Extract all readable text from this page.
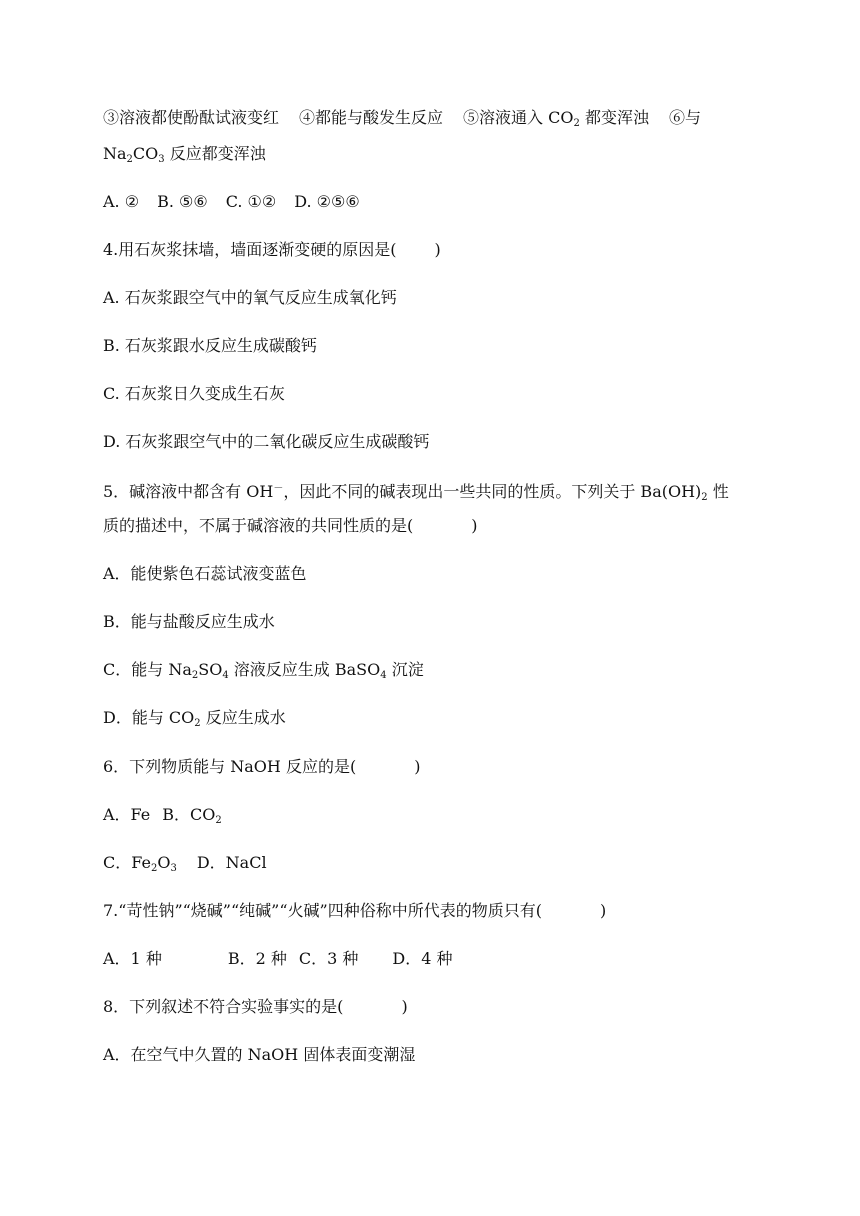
③溶液都使酚酞试液变红 ④都能与酸发生反应 ⑤溶液通入 $CO_2$ 都变浑浊 ⑥与
$Na_2CO_3$ 反应都变浑浊
A. ② B. ⑤⑥ C. ①② D. ②⑤⑥
4.用石灰浆抹墙，墙面逐渐变硬的原因是( )
A. 石灰浆跟空气中的氧气反应生成氧化钙
B. 石灰浆跟水反应生成碳酸钙
C. 石灰浆日久变成生石灰
D. 石灰浆跟空气中的二氧化碳反应生成碳酸钙
5．碱溶液中都含有 OH－，因此不同的碱表现出一些共同的性质。下列关于 $Ba(OH)_2$ 性
质的描述中，不属于碱溶液的共同性质的是(	)
A．能使紫色石蕊试液变蓝色
B．能与盐酸反应生成水
C．能与 $Na_2SO_4$ 溶液反应生成 BaSO$_4$ 沉淀
D．能与 $CO_2$ 反应生成水
6．下列物质能与 NaOH 反应的是(	)
A．Fe B．$CO_2$
C．$Fe_2O_3$ D．NaCl
7.“苛性钠”“烧碱”“纯碱”“火碱”四种俗称中所代表的物质只有(	)
A．1 种	B．2 种 C．3 种 D．4 种
8．下列叙述不符合实验事实的是(	)
A．在空气中久置的 NaOH 固体表面变潮湿
